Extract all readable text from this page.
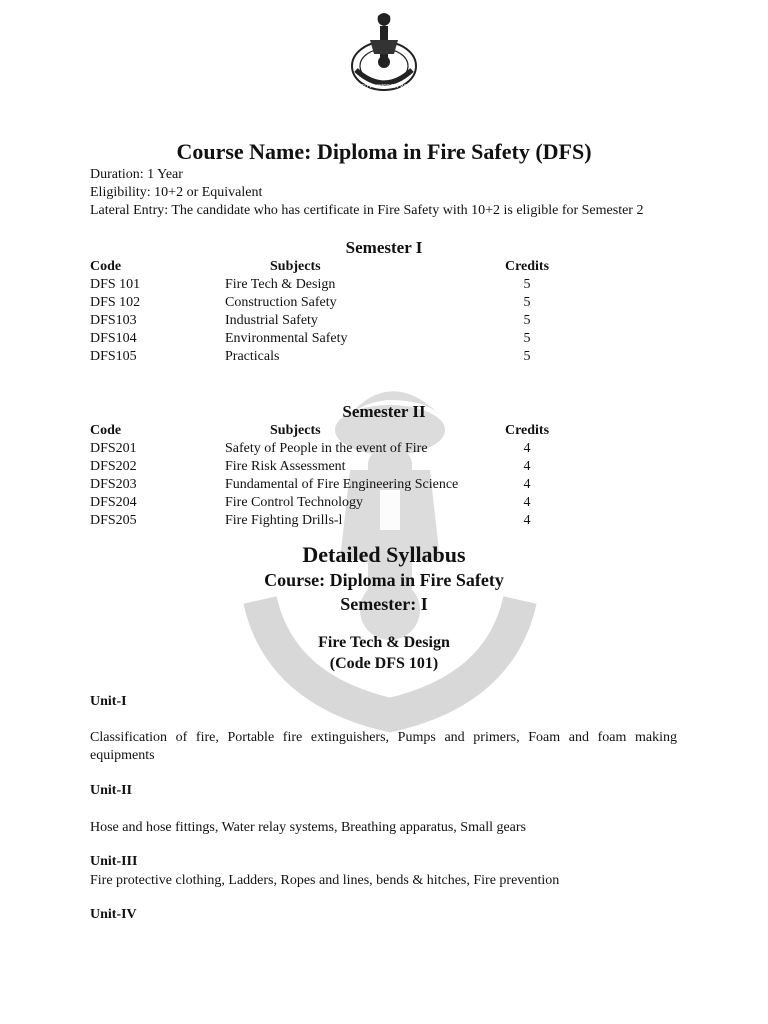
GLOCAL UNIVERSITY · WISDOM WITH KNOWLEDGE
Course Name: Diploma in Fire Safety (DFS)

Duration: 1 Year

Eligibility: 10+2 or Equivalent

Lateral Entry: The candidate who has certificate in Fire Safety with 10+2 is eligible for Semester 2

Semester I
Code	Subjects	Credits
DFS 101	Fire Tech & Design	5
DFS 102	Construction Safety	5
DFS103	Industrial Safety	5
DFS104	Environmental Safety	5
DFS105	Practicals	5
Semester II
Code	Subjects	Credits
DFS201	Safety of People in the event of Fire	4
DFS202	Fire Risk Assessment	4
DFS203	Fundamental of Fire Engineering Science	4
DFS204	Fire Control Technology	4
DFS205	Fire Fighting Drills-l	4
Detailed Syllabus
Course: Diploma in Fire Safety
Semester: I
Fire Tech & Design
(Code DFS 101)

Unit-I

Classification of fire, Portable fire extinguishers, Pumps and primers, Foam and foam making equipments

Unit-II

Hose and hose fittings, Water relay systems, Breathing apparatus, Small gears

Unit-III

Fire protective clothing, Ladders, Ropes and lines, bends & hitches, Fire prevention

Unit-IV
